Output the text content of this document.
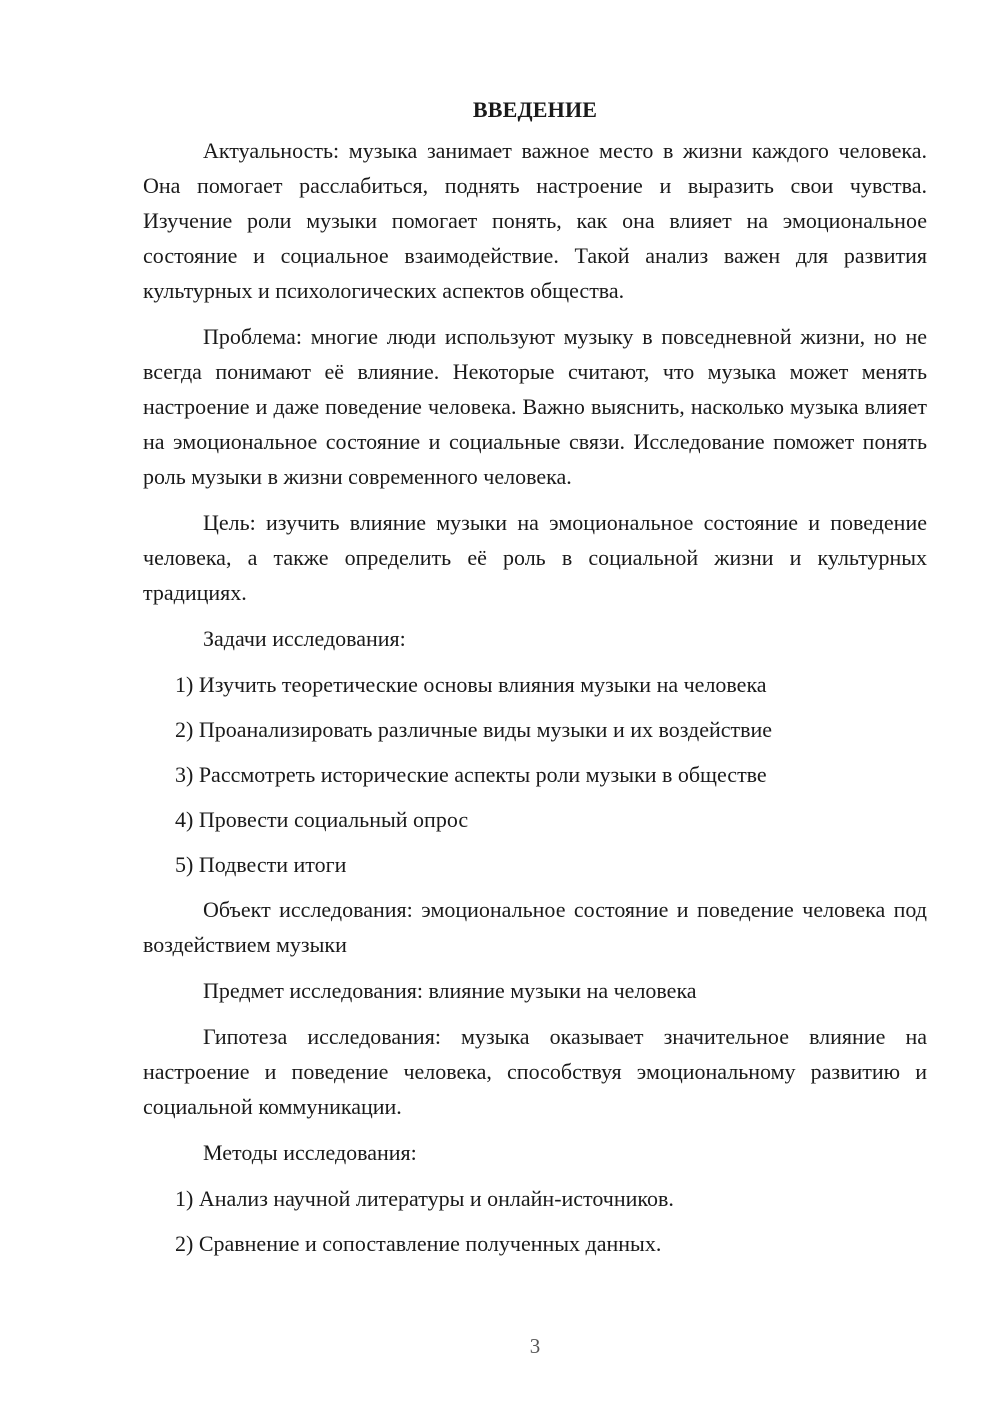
ВВЕДЕНИЕ

Актуальность: музыка занимает важное место в жизни каждого человека. Она помогает расслабиться, поднять настроение и выразить свои чувства. Изучение роли музыки помогает понять, как она влияет на эмоциональное состояние и социальное взаимодействие. Такой анализ важен для развития культурных и психологических аспектов общества.

Проблема: многие люди используют музыку в повседневной жизни, но не всегда понимают её влияние. Некоторые считают, что музыка может менять настроение и даже поведение человека. Важно выяснить, насколько музыка влияет на эмоциональное состояние и социальные связи. Исследование поможет понять роль музыки в жизни современного человека.

Цель: изучить влияние музыки на эмоциональное состояние и поведение человека, а также определить её роль в социальной жизни и культурных традициях.

Задачи исследования:

1) Изучить теоретические основы влияния музыки на человека
2) Проанализировать различные виды музыки и их воздействие
3) Рассмотреть исторические аспекты роли музыки в обществе
4) Провести социальный опрос
5) Подвести итоги

Объект исследования: эмоциональное состояние и поведение человека под воздействием музыки

Предмет исследования: влияние музыки на человека

Гипотеза исследования: музыка оказывает значительное влияние на настроение и поведение человека, способствуя эмоциональному развитию и социальной коммуникации.

Методы исследования:

1) Анализ научной литературы и онлайн-источников.
2) Сравнение и сопоставление полученных данных.
3
